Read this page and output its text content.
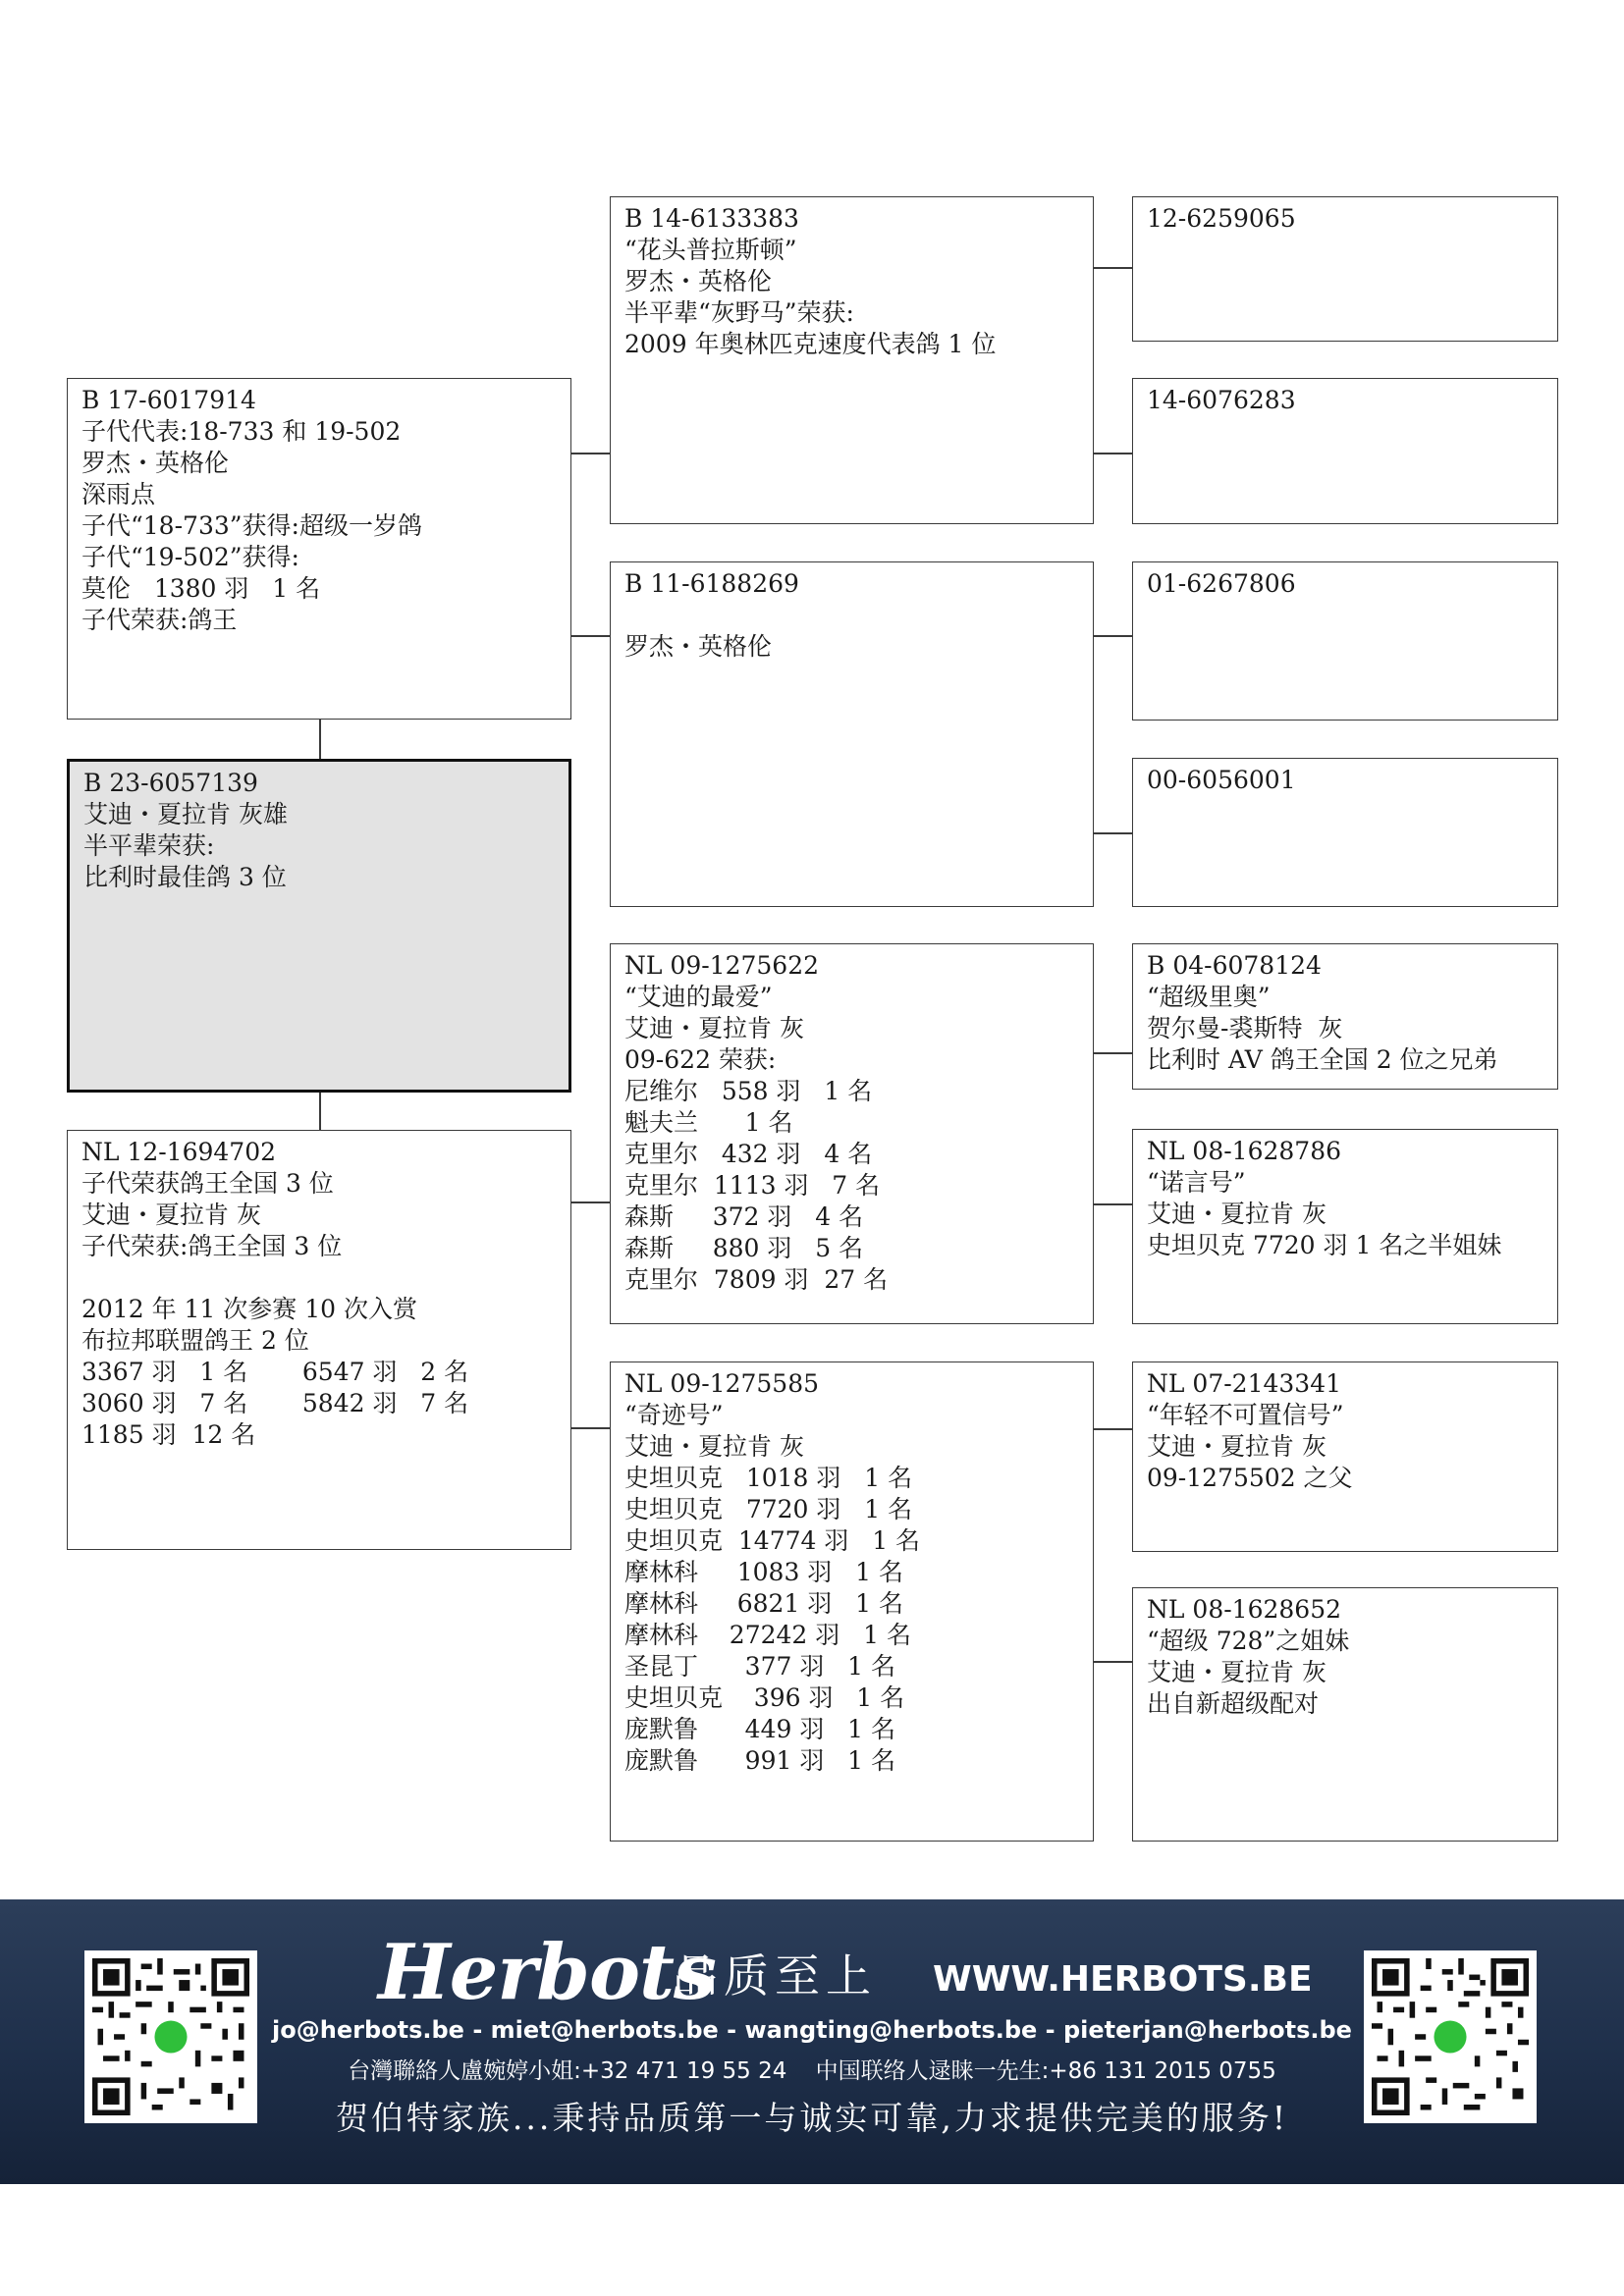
B 17-6017914
子代代表:18-733 和 19-502
罗杰・英格伦
深雨点
子代“18-733”获得:超级一岁鸽
子代“19-502”获得:
莫伦   1380 羽   1 名
子代荣获:鸽王
B 23-6057139
艾迪・夏拉肯 灰雄
半平辈荣获:
比利时最佳鸽 3 位
NL 12-1694702
子代荣获鸽王全国 3 位
艾迪・夏拉肯 灰
子代荣获:鸽王全国 3 位
2012 年 11 次参赛 10 次入赏
布拉邦联盟鸽王 2 位
3367 羽   1 名       6547 羽   2 名
3060 羽   7 名       5842 羽   7 名
1185 羽  12 名
B 14-6133383
“花头普拉斯顿”
罗杰・英格伦
半平辈“灰野马”荣获:
2009 年奥林匹克速度代表鸽 1 位
B 11-6188269
罗杰・英格伦
NL 09-1275622
“艾迪的最爱”
艾迪・夏拉肯 灰
09-622 荣获:
尼维尔   558 羽   1 名
魁夫兰      1 名
克里尔   432 羽   4 名
克里尔  1113 羽   7 名
森斯     372 羽   4 名
森斯     880 羽   5 名
克里尔  7809 羽  27 名
NL 09-1275585
“奇迹号”
艾迪・夏拉肯 灰
史坦贝克   1018 羽   1 名
史坦贝克   7720 羽   1 名
史坦贝克  14774 羽   1 名
摩林科     1083 羽   1 名
摩林科     6821 羽   1 名
摩林科    27242 羽   1 名
圣昆丁      377 羽   1 名
史坦贝克    396 羽   1 名
庞默鲁      449 羽   1 名
庞默鲁      991 羽   1 名
12-6259065
14-6076283
01-6267806
00-6056001
B 04-6078124
“超级里奥”
贺尔曼-裘斯特  灰
比利时 AV 鸽王全国 2 位之兄弟
NL 08-1628786
“诺言号”
艾迪・夏拉肯 灰
史坦贝克 7720 羽 1 名之半姐妹
NL 07-2143341
“年轻不可置信号”
艾迪・夏拉肯 灰
09-1275502 之父
NL 08-1628652
“超级 728”之姐妹
艾迪・夏拉肯 灰
出自新超级配对
Herbots
品质至上 WWW.HERBOTS.BE
jo@herbots.be - miet@herbots.be - wangting@herbots.be - pieterjan@herbots.be
台灣聯絡人盧婉婷小姐:+32 471 19 55 24    中国联络人逯睐一先生:+86 131 2015 0755
贺伯特家族...秉持品质第一与诚实可靠,力求提供完美的服务!
